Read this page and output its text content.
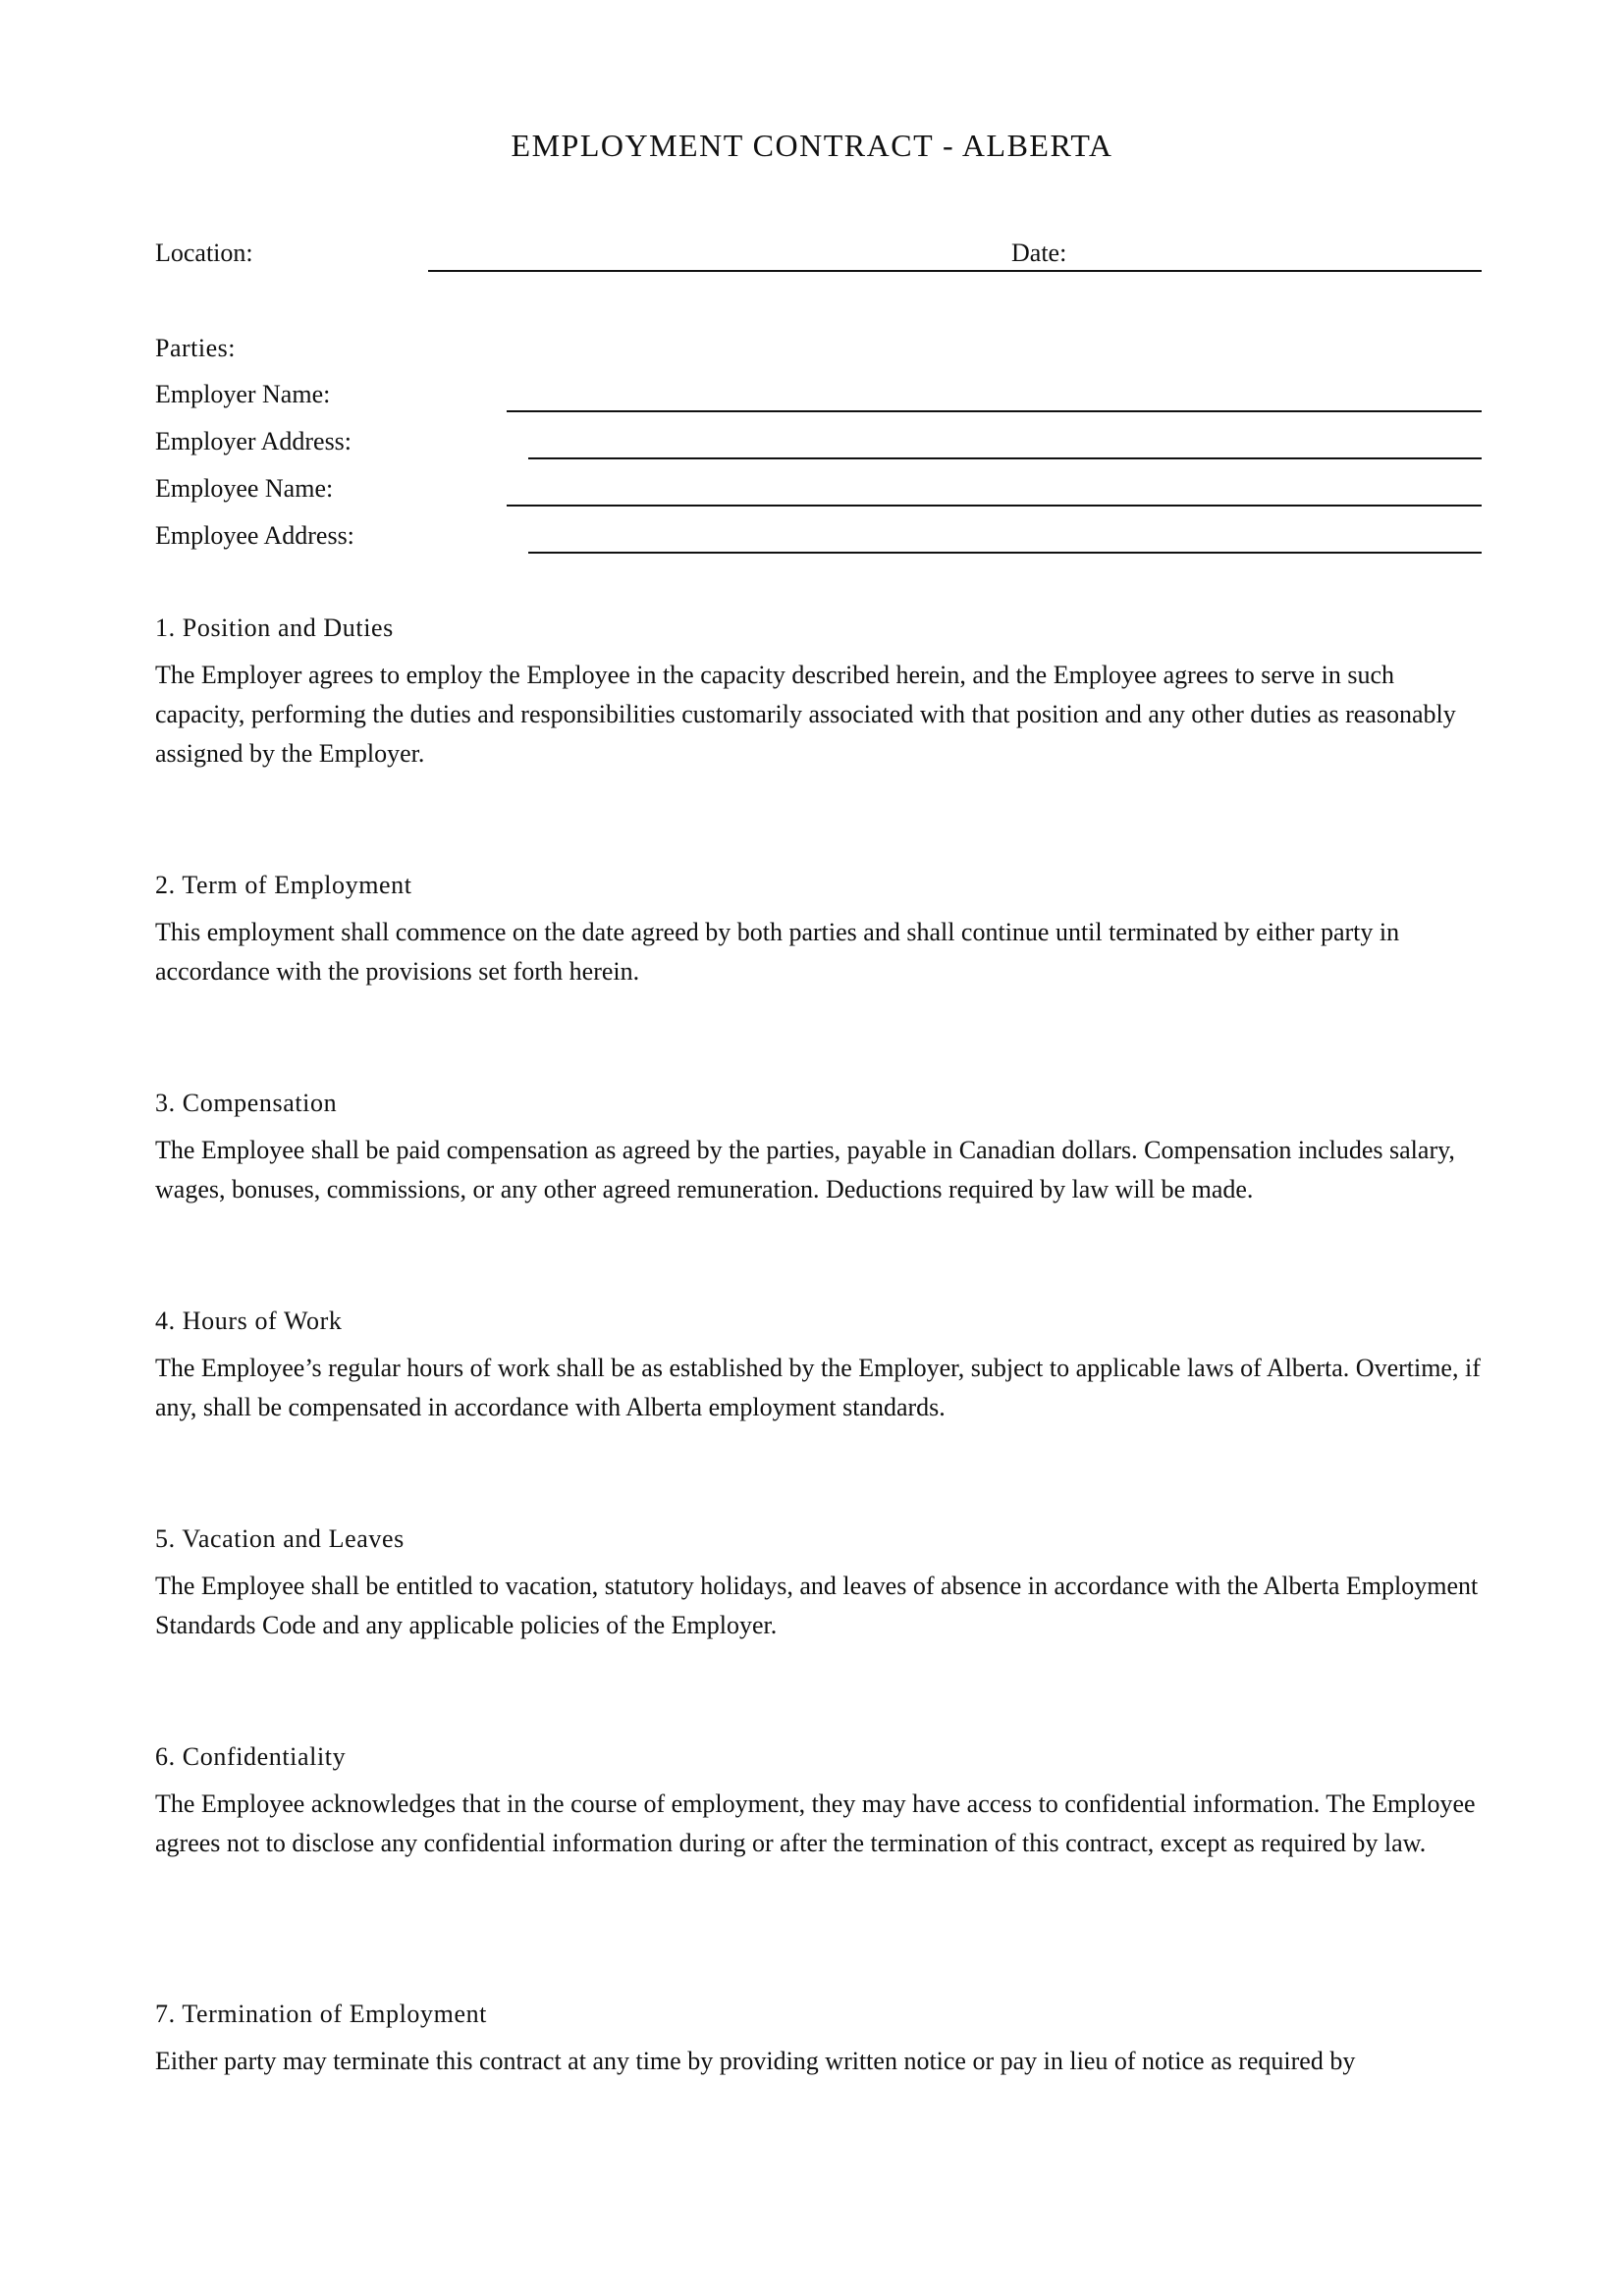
EMPLOYMENT CONTRACT - ALBERTA
Location:	Date:
Parties:
Employer Name:
Employer Address:
Employee Name:
Employee Address:
1. Position and Duties

The Employer agrees to employ the Employee in the capacity described herein, and the Employee agrees to serve in such capacity, performing the duties and responsibilities customarily associated with that position and any other duties as reasonably assigned by the Employer.

2. Term of Employment

This employment shall commence on the date agreed by both parties and shall continue until terminated by either party in accordance with the provisions set forth herein.

3. Compensation

The Employee shall be paid compensation as agreed by the parties, payable in Canadian dollars. Compensation includes salary, wages, bonuses, commissions, or any other agreed remuneration. Deductions required by law will be made.

4. Hours of Work

The Employee’s regular hours of work shall be as established by the Employer, subject to applicable laws of Alberta. Overtime, if any, shall be compensated in accordance with Alberta employment standards.

5. Vacation and Leaves

The Employee shall be entitled to vacation, statutory holidays, and leaves of absence in accordance with the Alberta Employment Standards Code and any applicable policies of the Employer.

6. Confidentiality

The Employee acknowledges that in the course of employment, they may have access to confidential information. The Employee agrees not to disclose any confidential information during or after the termination of this contract, except as required by law.

7. Termination of Employment

Either party may terminate this contract at any time by providing written notice or pay in lieu of notice as required by
